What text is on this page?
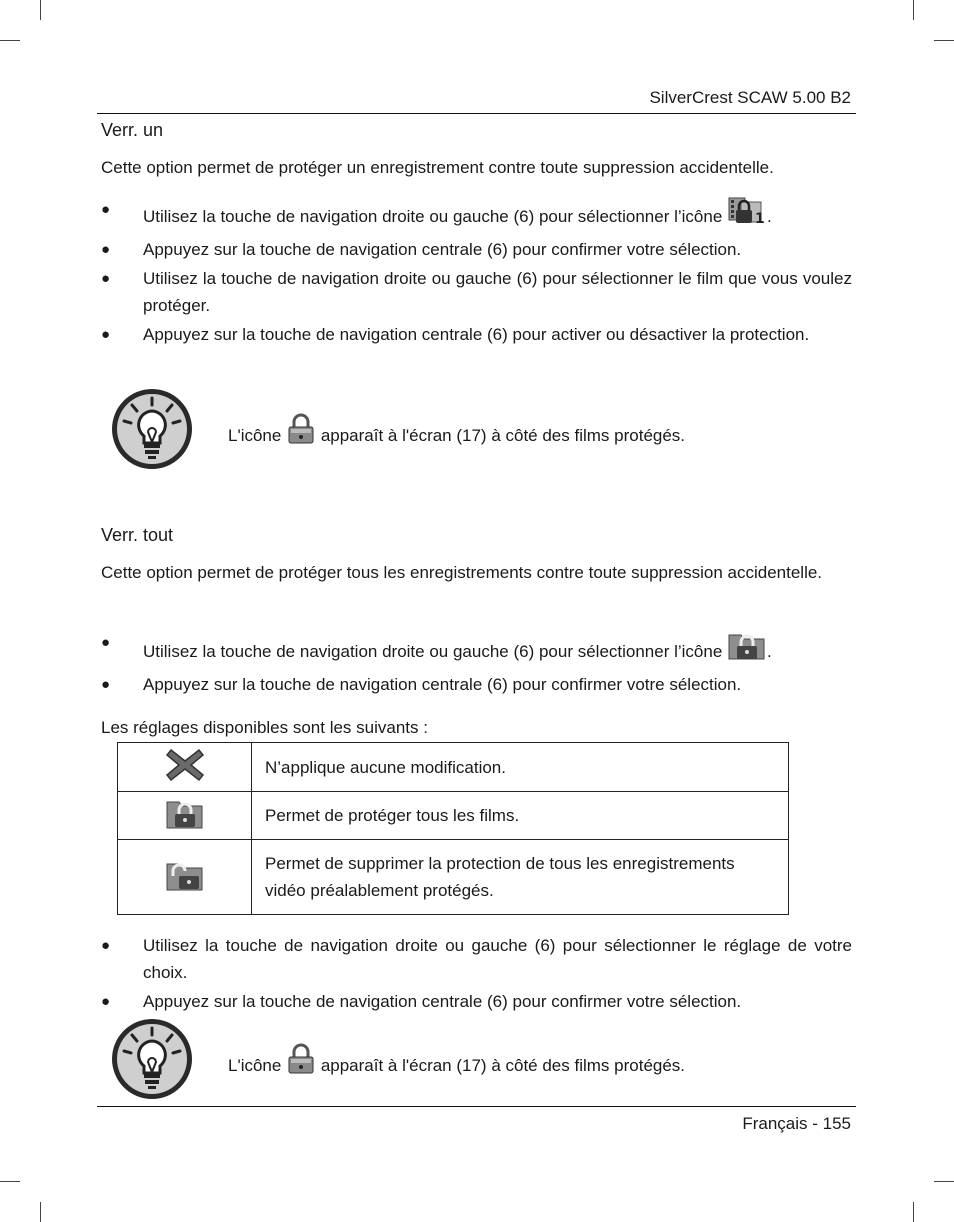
SilverCrest SCAW 5.00 B2
Verr. un
Cette option permet de protéger un enregistrement contre toute suppression accidentelle.
● Utilisez la touche de navigation droite ou gauche (6) pour sélectionner l’icône 1 .
● Appuyez sur la touche de navigation centrale (6) pour confirmer votre sélection.
● Utilisez la touche de navigation droite ou gauche (6) pour sélectionner le film que vous voulez protéger.
● Appuyez sur la touche de navigation centrale (6) pour activer ou désactiver la protection.
L'icône apparaît à l'écran (17) à côté des films protégés.
Verr. tout
Cette option permet de protéger tous les enregistrements contre toute suppression accidentelle.
● Utilisez la touche de navigation droite ou gauche (6) pour sélectionner l’icône	.
● Appuyez sur la touche de navigation centrale (6) pour confirmer votre sélection.
Les réglages disponibles sont les suivants :
	N’applique aucune modification.
	Permet de protéger tous les films.
	Permet de supprimer la protection de tous les enregistrements vidéo préalablement protégés.
● Utilisez la touche de navigation droite ou gauche (6) pour sélectionner le réglage de votre choix.
● Appuyez sur la touche de navigation centrale (6) pour confirmer votre sélection.
L'icône apparaît à l'écran (17) à côté des films protégés.
Français - 155
